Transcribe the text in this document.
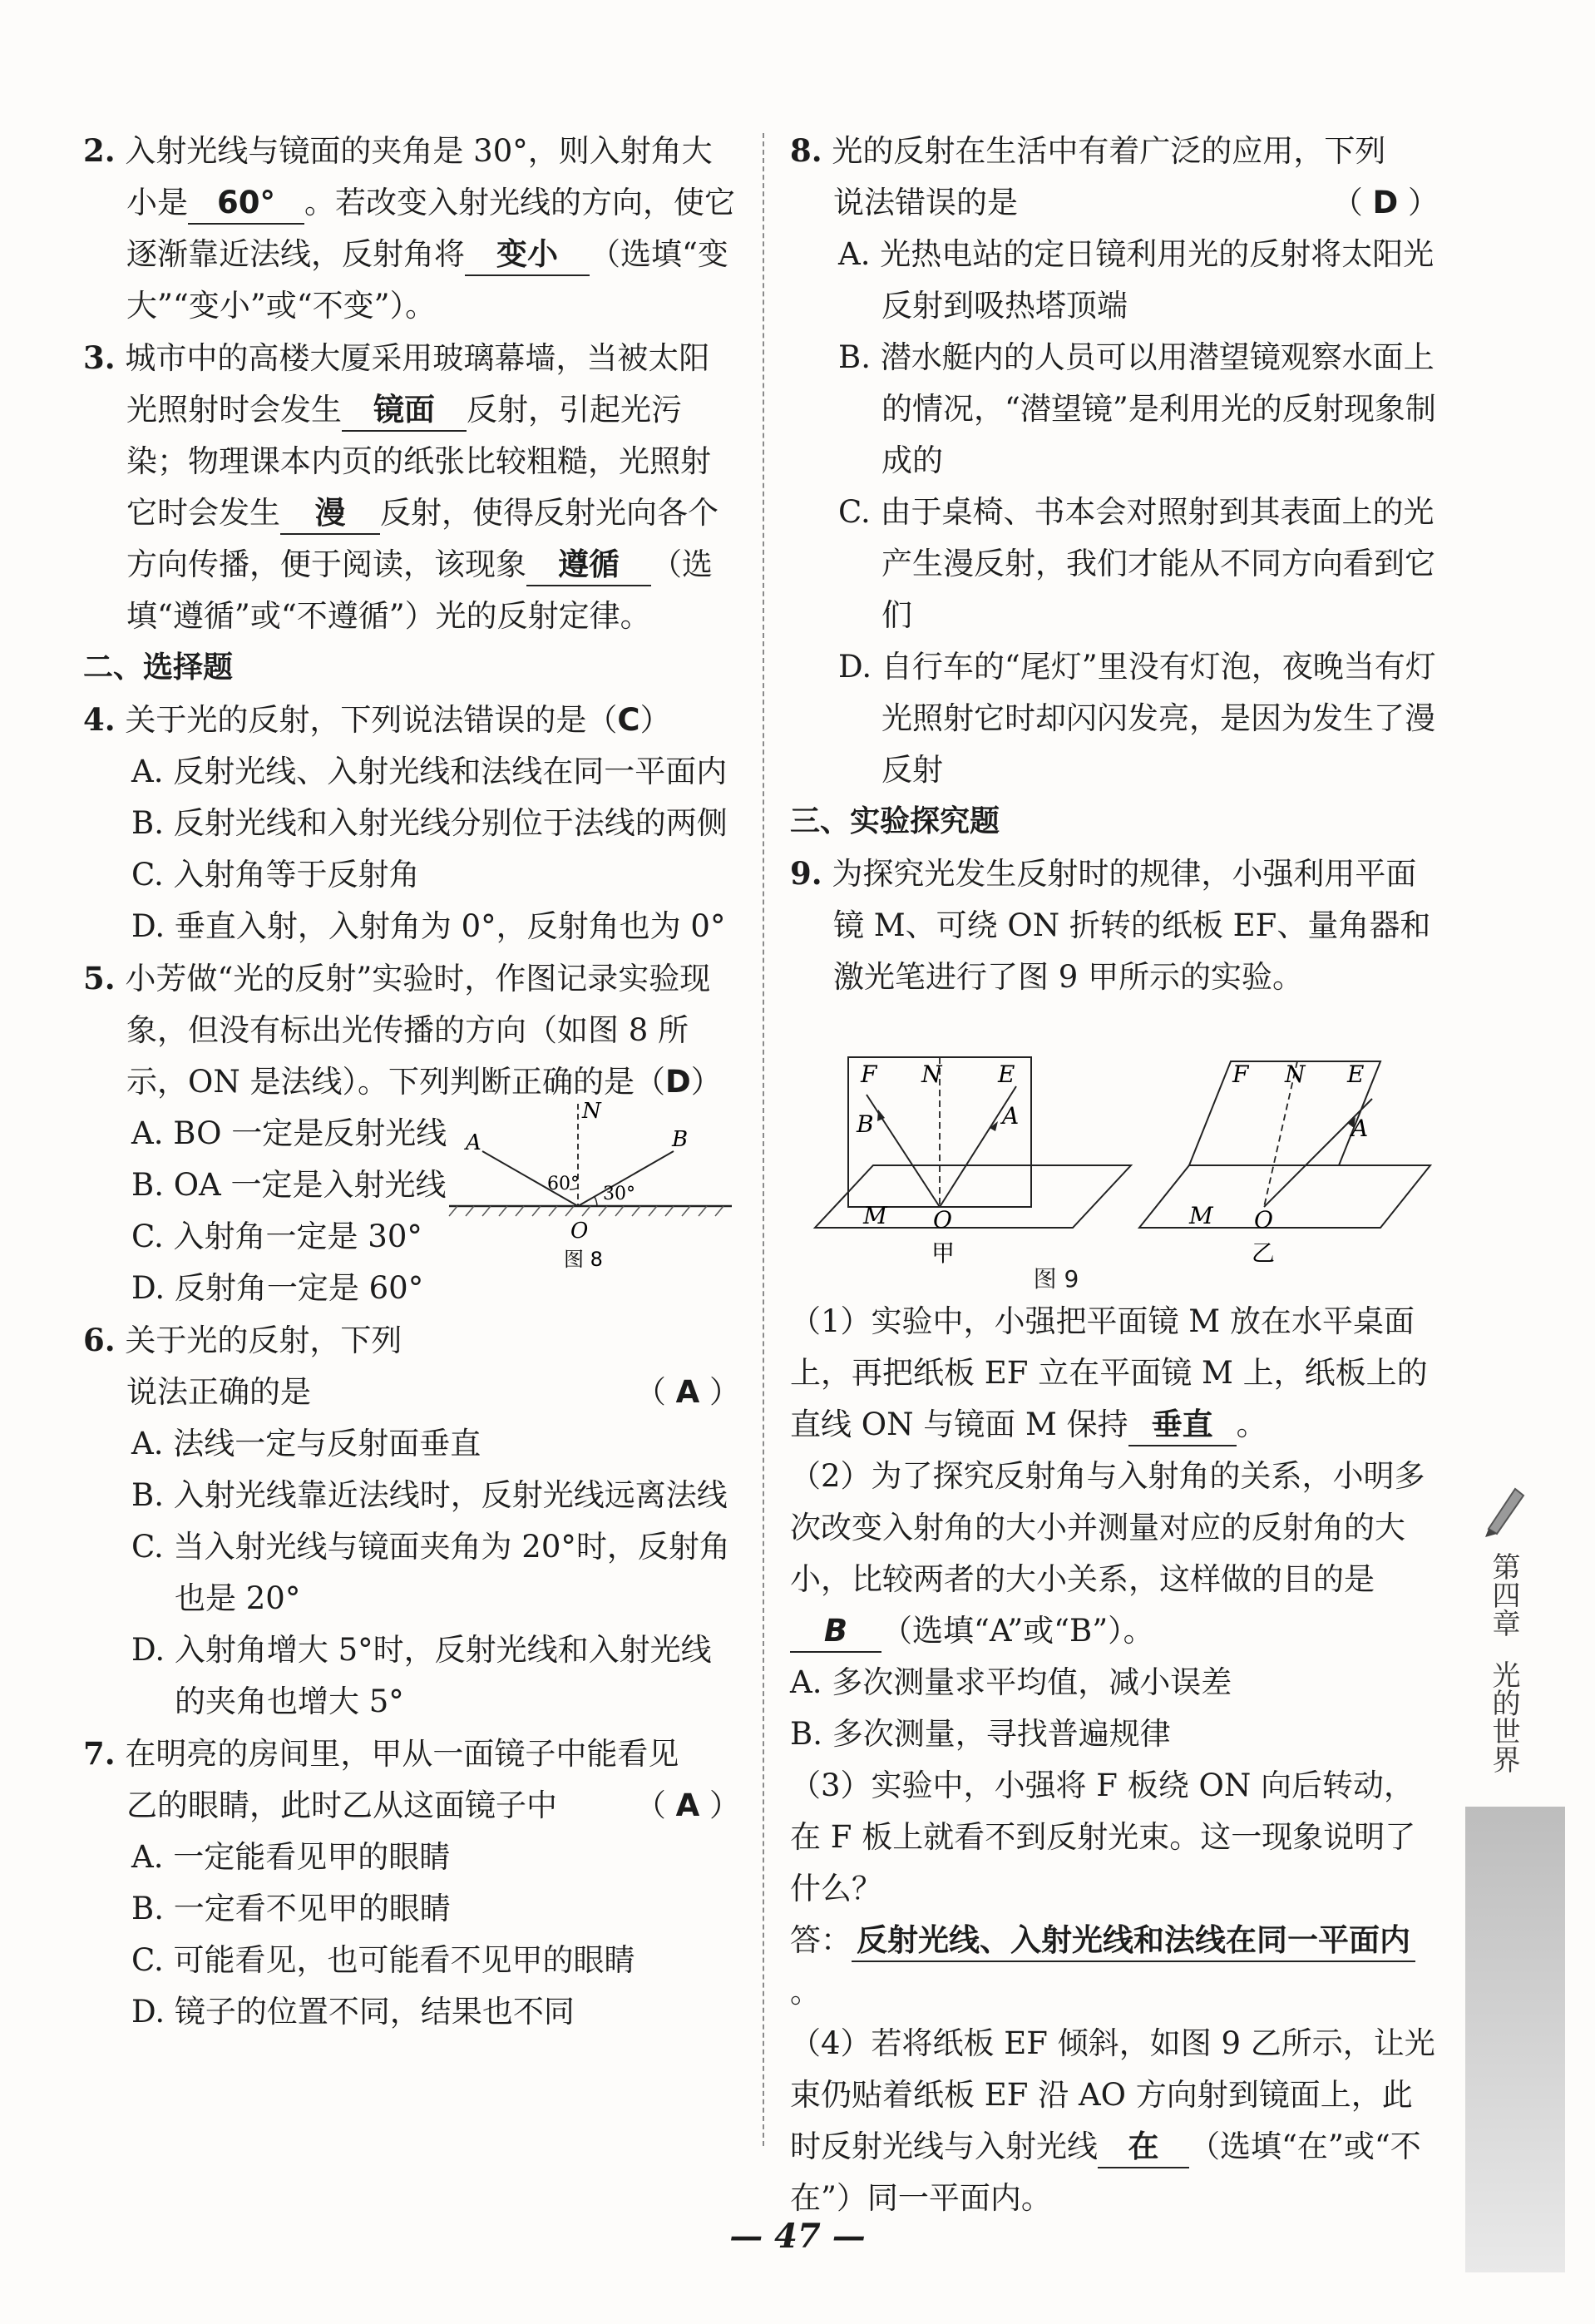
2. 入射光线与镜面的夹角是 30°，则入射角大小是 60° 。若改变入射光线的方向，使它逐渐靠近法线，反射角将 变小 （选填“变大”“变小”或“不变”）。

3. 城市中的高楼大厦采用玻璃幕墙，当被太阳光照射时会发生 镜面 反射，引起光污染；物理课本内页的纸张比较粗糙，光照射它时会发生 漫 反射，使得反射光向各个方向传播，便于阅读，该现象 遵循 （选填“遵循”或“不遵循”）光的反射定律。

二、选择题

4. 关于光的反射，下列说法错误的是（C）

A. 反射光线、入射光线和法线在同一平面内

B. 反射光线和入射光线分别位于法线的两侧

C. 入射角等于反射角

D. 垂直入射，入射角为 0°，反射角也为 0°

5. 小芳做“光的反射”实验时，作图记录实验现象，但没有标出光传播的方向（如图 8 所示，ON 是法线）。下列判断正确的是（D）

N
A	B
60° 30°
O
图 8

A. BO 一定是反射光线

B. OA 一定是入射光线

C. 入射角一定是 30°

D. 反射角一定是 60°

6. 关于光的反射，下列
说法正确的是	（ A ）

A. 法线一定与反射面垂直

B. 入射光线靠近法线时，反射光线远离法线

C. 当入射光线与镜面夹角为 20°时，反射角也是 20°

D. 入射角增大 5°时，反射光线和入射光线的夹角也增大 5°

7. 在明亮的房间里，甲从一面镜子中能看见
乙的眼睛，此时乙从这面镜子中	（ A ）

A. 一定能看见甲的眼睛

B. 一定看不见甲的眼睛

C. 可能看见，也可能看不见甲的眼睛

D. 镜子的位置不同，结果也不同

8. 光的反射在生活中有着广泛的应用，下列
说法错误的是	（ D ）

A. 光热电站的定日镜利用光的反射将太阳光反射到吸热塔顶端

B. 潜水艇内的人员可以用潜望镜观察水面上的情况，“潜望镜”是利用光的反射现象制成的

C. 由于桌椅、书本会对照射到其表面上的光产生漫反射，我们才能从不同方向看到它们

D. 自行车的“尾灯”里没有灯泡，夜晚当有灯光照射它时却闪闪发亮，是因为发生了漫反射

三、实验探究题

9. 为探究光发生反射时的规律，小强利用平面镜 M、可绕 ON 折转的纸板 EF、量角器和激光笔进行了图 9 甲所示的实验。

F N E
B	A
M O
甲
F N E
A
M O
乙

图 9

（1）实验中，小强把平面镜 M 放在水平桌面上，再把纸板 EF 立在平面镜 M 上，纸板上的直线 ON 与镜面 M 保持 垂直 。

（2）为了探究反射角与入射角的关系，小明多次改变入射角的大小并测量对应的反射角的大小，比较两者的大小关系，这样做的目的是B （选填“A”或“B”）。

A. 多次测量求平均值，减小误差

B. 多次测量，寻找普遍规律

（3）实验中，小强将 F 板绕 ON 向后转动，在 F 板上就看不到反射光束。这一现象说明了什么？

答： 反射光线、入射光线和法线在同一平面内。

（4）若将纸板 EF 倾斜，如图 9 乙所示，让光束仍贴着纸板 EF 沿 AO 方向射到镜面上，此时反射光线与入射光线 在 （选填“在”或“不在”）同一平面内。

第四章
光的世界
— 47 —
